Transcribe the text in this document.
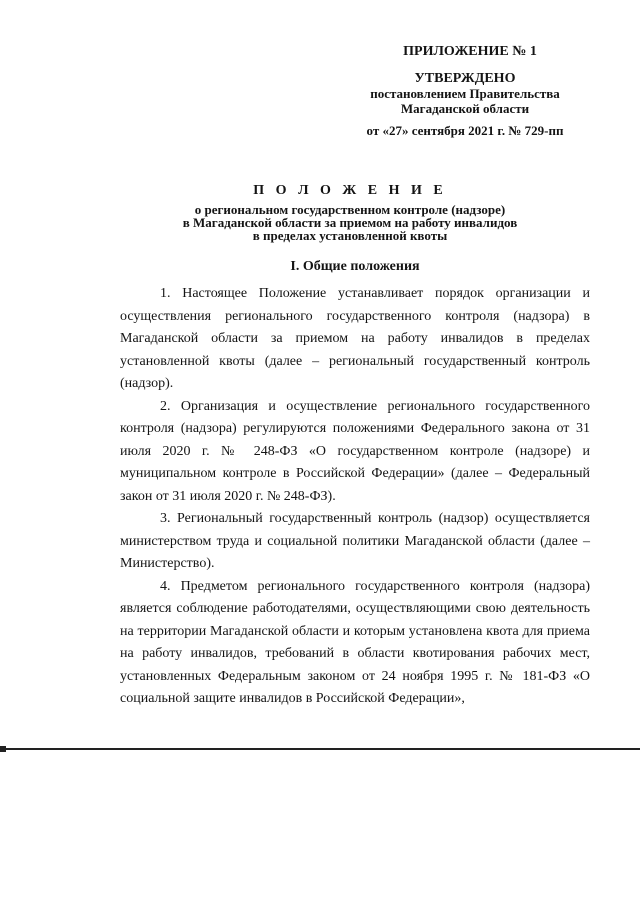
ПРИЛОЖЕНИЕ № 1
УТВЕРЖДЕНО
постановлением Правительства
Магаданской области
от «27» сентября 2021 г. № 729-пп
П О Л О Ж Е Н И Е
о региональном государственном контроле (надзоре)
в Магаданской области за приемом на работу инвалидов
в пределах установленной квоты
I. Общие положения

1. Настоящее Положение устанавливает порядок организации и осуществления регионального государственного контроля (надзора) в Магаданской области за приемом на работу инвалидов в пределах установленной квоты (далее – региональный государственный контроль (надзор).

2. Организация и осуществление регионального государственного контроля (надзора) регулируются положениями Федерального закона от 31 июля 2020 г. № 248-ФЗ «О государственном контроле (надзоре) и муниципальном контроле в Российской Федерации» (далее – Федеральный закон от 31 июля 2020 г. № 248-ФЗ).

3. Региональный государственный контроль (надзор) осуществляется министерством труда и социальной политики Магаданской области (далее – Министерство).

4. Предметом регионального государственного контроля (надзора) является соблюдение работодателями, осуществляющими свою деятельность на территории Магаданской области и которым установлена квота для приема на работу инвалидов, требований в области квотирования рабочих мест, установленных Федеральным законом от 24 ноября 1995 г. № 181-ФЗ «О социальной защите инвалидов в Российской Федерации»,
